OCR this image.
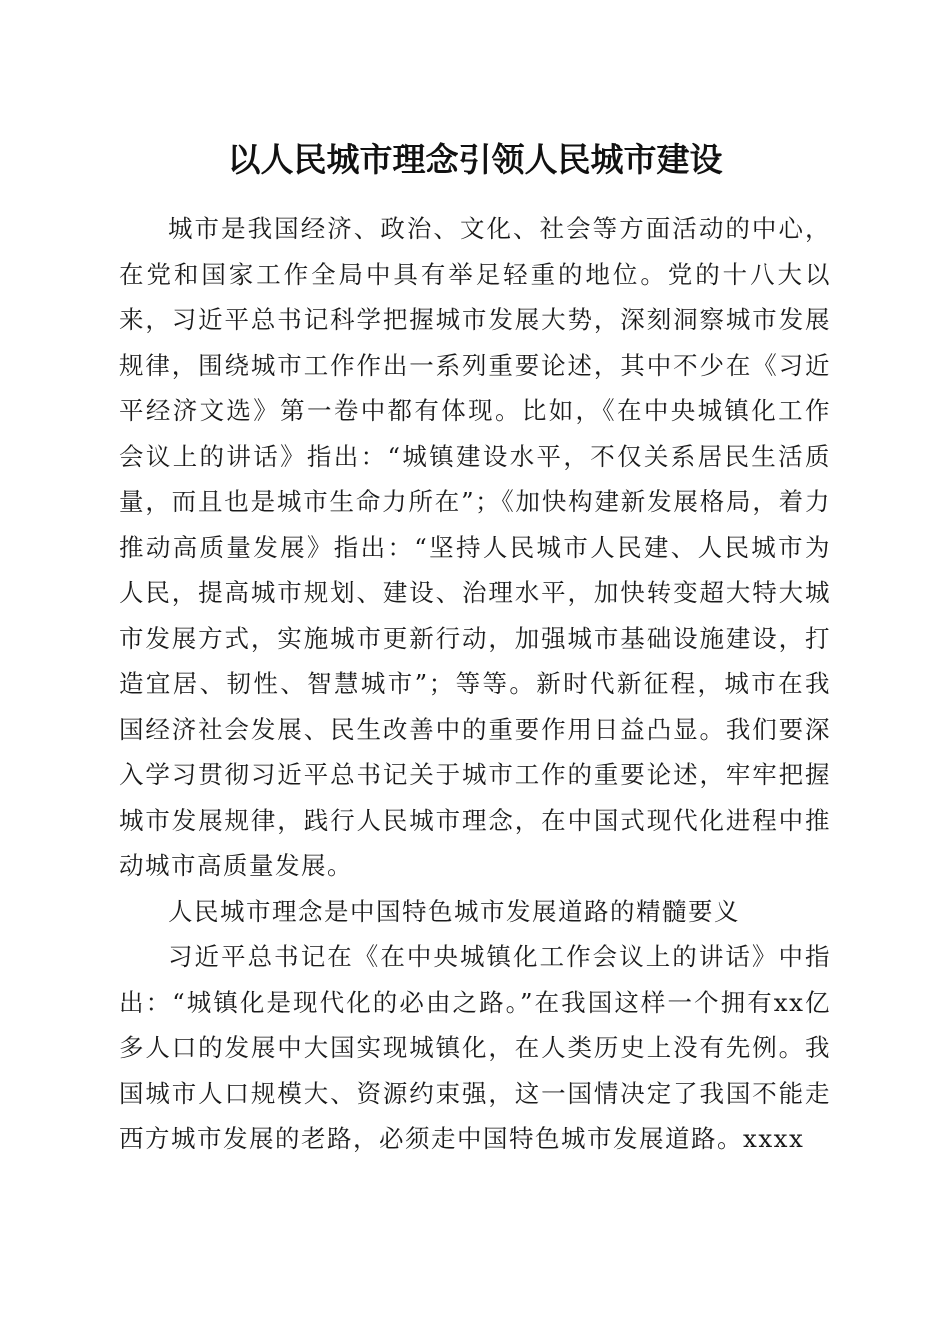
以人民城市理念引领人民城市建设

城市是我国经济、政治、文化、社会等方面活动的中心，在党和国家工作全局中具有举足轻重的地位。党的十八大以来，习近平总书记科学把握城市发展大势，深刻洞察城市发展规律，围绕城市工作作出一系列重要论述，其中不少在《习近平经济文选》第一卷中都有体现。比如，《在中央城镇化工作会议上的讲话》指出：“城镇建设水平，不仅关系居民生活质量，而且也是城市生命力所在”；《加快构建新发展格局，着力推动高质量发展》指出：“坚持人民城市人民建、人民城市为人民，提高城市规划、建设、治理水平，加快转变超大特大城市发展方式，实施城市更新行动，加强城市基础设施建设，打造宜居、韧性、智慧城市”；等等。新时代新征程，城市在我国经济社会发展、民生改善中的重要作用日益凸显。我们要深入学习贯彻习近平总书记关于城市工作的重要论述，牢牢把握城市发展规律，践行人民城市理念，在中国式现代化进程中推动城市高质量发展。

人民城市理念是中国特色城市发展道路的精髓要义

习近平总书记在《在中央城镇化工作会议上的讲话》中指出：“城镇化是现代化的必由之路。”在我国这样一个拥有xx亿多人口的发展中大国实现城镇化，在人类历史上没有先例。我国城市人口规模大、资源约束强，这一国情决定了我国不能走西方城市发展的老路，必须走中国特色城市发展道路。xxxx
